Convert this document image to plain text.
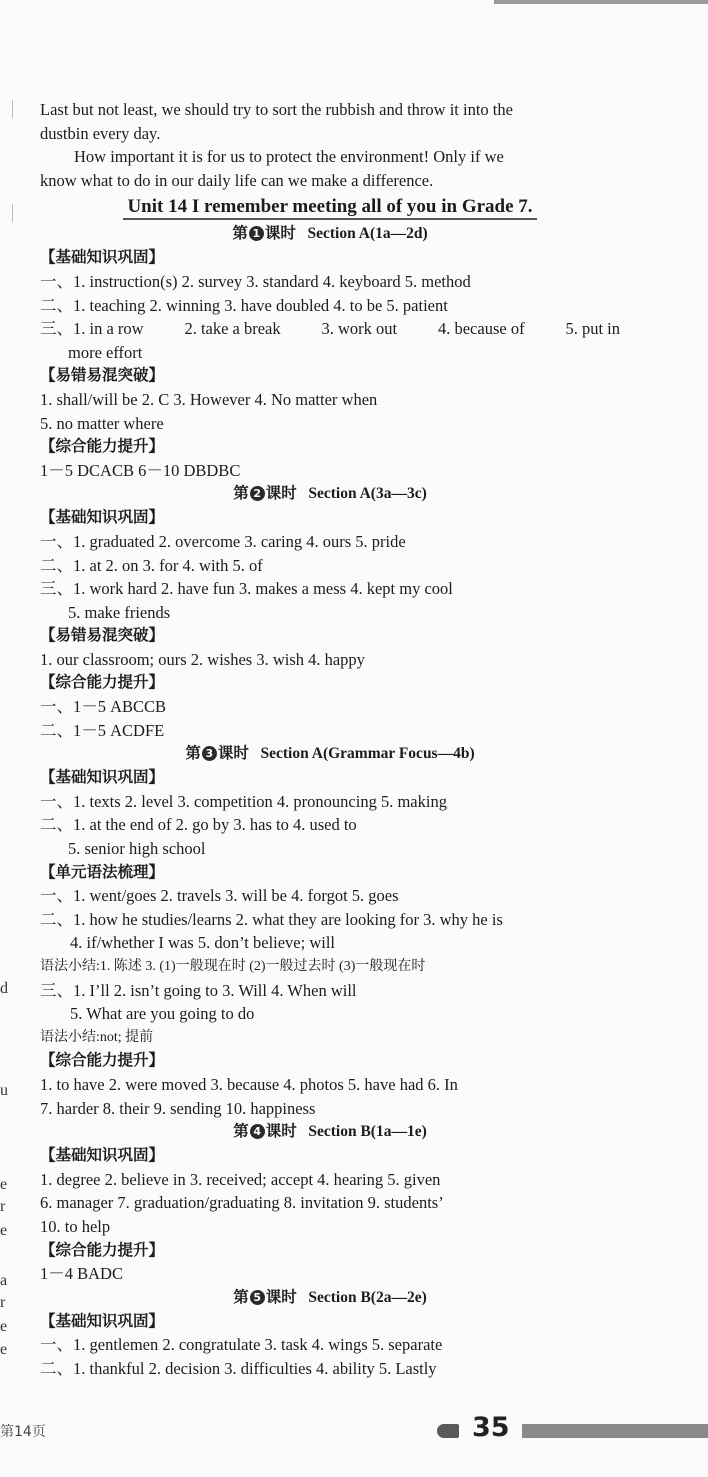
d
u
e
r
e
a
r
e
e
Last but not least, we should try to sort the rubbish and throw it into the
dustbin every day.
How important it is for us to protect the environment! Only if we
know what to do in our daily life can we make a difference.
Unit 14 I remember meeting all of you in Grade 7.
第 1 课时 Section A(1a—2d)
【基础知识巩固】
一、1. instruction(s) 2. survey 3. standard 4. keyboard 5. method
二、1. teaching 2. winning 3. have doubled 4. to be 5. patient
三、1. in a row 2. take a break 3. work out 4. because of 5. put in
more effort
【易错易混突破】
1. shall/will be 2. C 3. However 4. No matter when
5. no matter where
【综合能力提升】
1－5 DCACB 6－10 DBDBC
第 2 课时 Section A(3a—3c)
【基础知识巩固】
一、1. graduated 2. overcome 3. caring 4. ours 5. pride
二、1. at 2. on 3. for 4. with 5. of
三、1. work hard 2. have fun 3. makes a mess 4. kept my cool
5. make friends
【易错易混突破】
1. our classroom; ours 2. wishes 3. wish 4. happy
【综合能力提升】
一、1－5 ABCCB
二、1－5 ACDFE
第 3 课时 Section A(Grammar Focus—4b)
【基础知识巩固】
一、1. texts 2. level 3. competition 4. pronouncing 5. making
二、1. at the end of 2. go by 3. has to 4. used to
5. senior high school
【单元语法梳理】
一、1. went/goes 2. travels 3. will be 4. forgot 5. goes
二、1. how he studies/learns 2. what they are looking for 3. why he is
4. if/whether I was 5. don’t believe; will
语法小结:1. 陈述 3. (1)一般现在时 (2)一般过去时 (3)一般现在时
三、1. I’ll 2. isn’t going to 3. Will 4. When will
5. What are you going to do
语法小结:not; 提前
【综合能力提升】
1. to have 2. were moved 3. because 4. photos 5. have had 6. In
7. harder 8. their 9. sending 10. happiness
第 4 课时 Section B(1a—1e)
【基础知识巩固】
1. degree 2. believe in 3. received; accept 4. hearing 5. given
6. manager 7. graduation/graduating 8. invitation 9. students’
10. to help
【综合能力提升】
1－4 BADC
第 5 课时 Section B(2a—2e)
【基础知识巩固】
一、1. gentlemen 2. congratulate 3. task 4. wings 5. separate
二、1. thankful 2. decision 3. difficulties 4. ability 5. Lastly
第14页	35
